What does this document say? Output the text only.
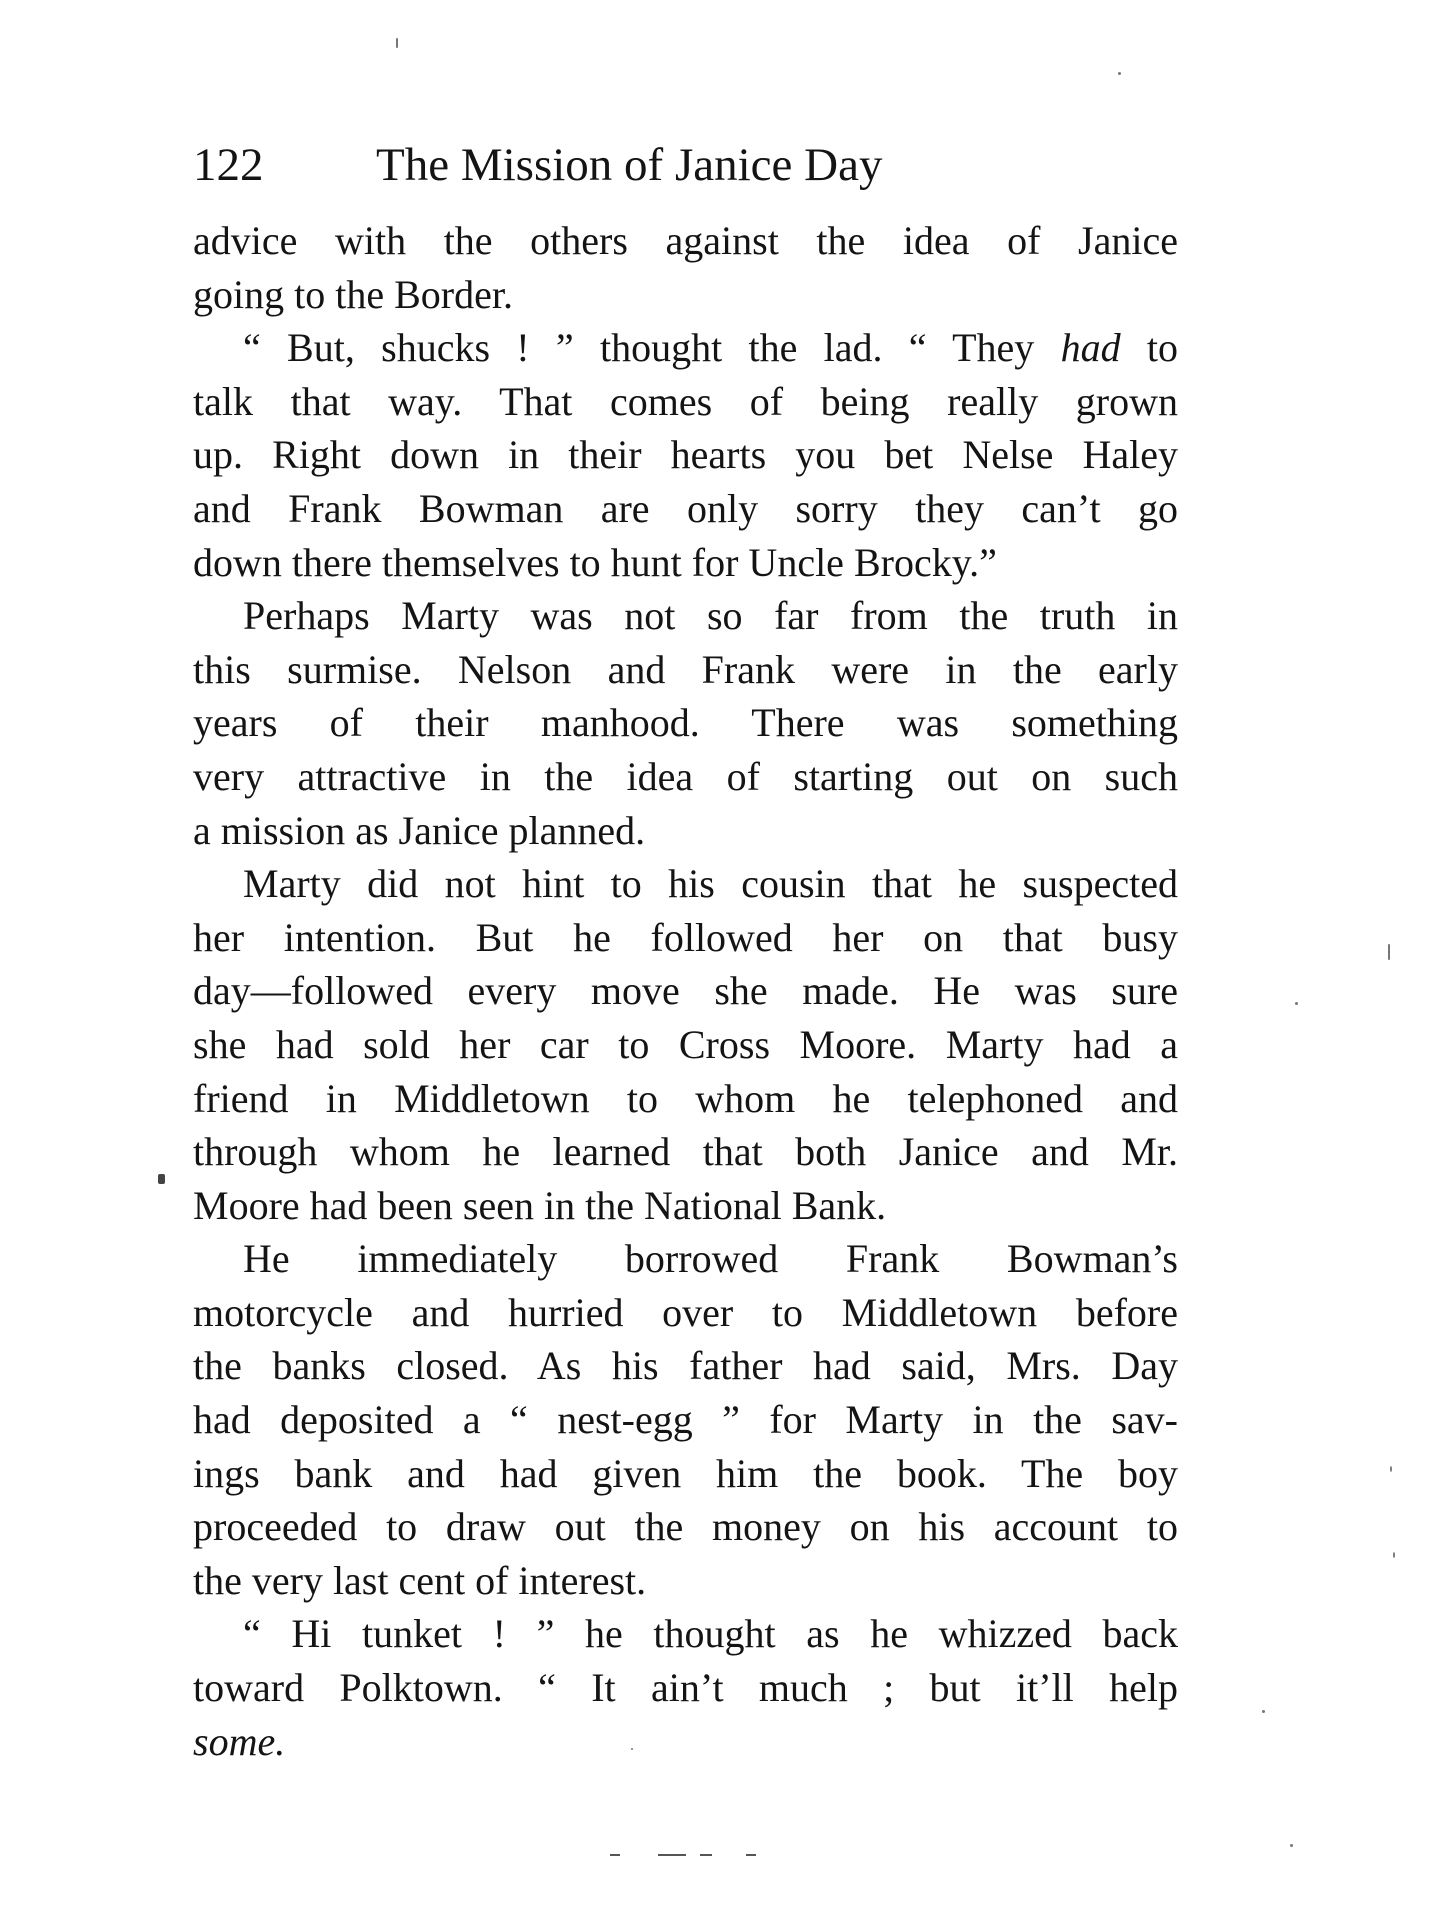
122 The Mission of Janice Day
advice with the others against the idea of Janice
going to the Border.
“ But, shucks ! ” thought the lad. “ They had to
talk that way. That comes of being really grown
up. Right down in their hearts you bet Nelse Haley
and Frank Bowman are only sorry they can’t go
down there themselves to hunt for Uncle Brocky.”
Perhaps Marty was not so far from the truth in
this surmise. Nelson and Frank were in the early
years of their manhood. There was something
very attractive in the idea of starting out on such
a mission as Janice planned.
Marty did not hint to his cousin that he suspected
her intention. But he followed her on that busy
day—followed every move she made. He was sure
she had sold her car to Cross Moore. Marty had a
friend in Middletown to whom he telephoned and
through whom he learned that both Janice and Mr.
Moore had been seen in the National Bank.
He immediately borrowed Frank Bowman’s
motorcycle and hurried over to Middletown before
the banks closed. As his father had said, Mrs. Day
had deposited a “ nest-egg ” for Marty in the sav-
ings bank and had given him the book. The boy
proceeded to draw out the money on his account to
the very last cent of interest.
“ Hi tunket ! ” he thought as he whizzed back
toward Polktown. “ It ain’t much ; but it’ll help
some.
